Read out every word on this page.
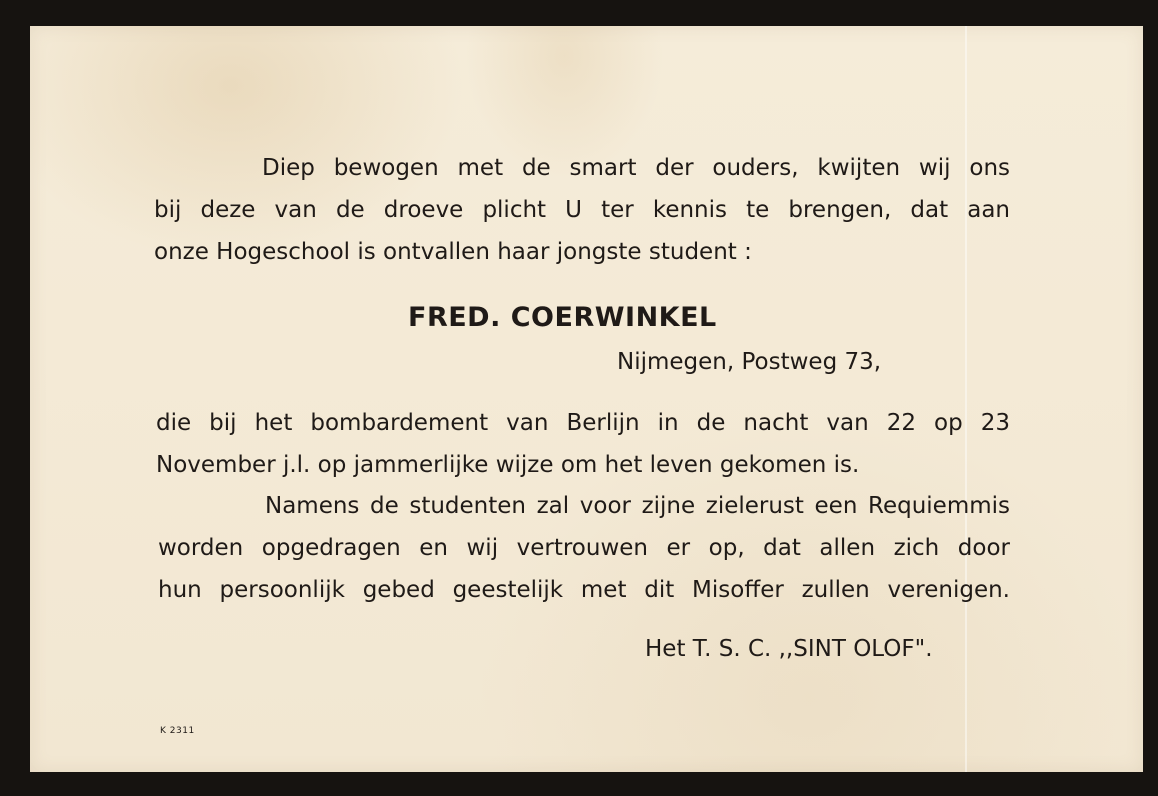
Diep bewogen met de smart der ouders, kwijten wij ons

bij deze van de droeve plicht U ter kennis te brengen, dat aan

onze Hogeschool is ontvallen haar jongste student :

FRED. COERWINKEL

Nijmegen, Postweg 73,

die bij het bombardement van Berlijn in de nacht van 22 op 23

November j.l. op jammerlijke wijze om het leven gekomen is.

Namens de studenten zal voor zijne zielerust een Requiemmis

worden opgedragen en wij vertrouwen er op, dat allen zich door

hun persoonlijk gebed geestelijk met dit Misoffer zullen verenigen.

Het T. S. C. ,,SINT OLOF".

K 2311
